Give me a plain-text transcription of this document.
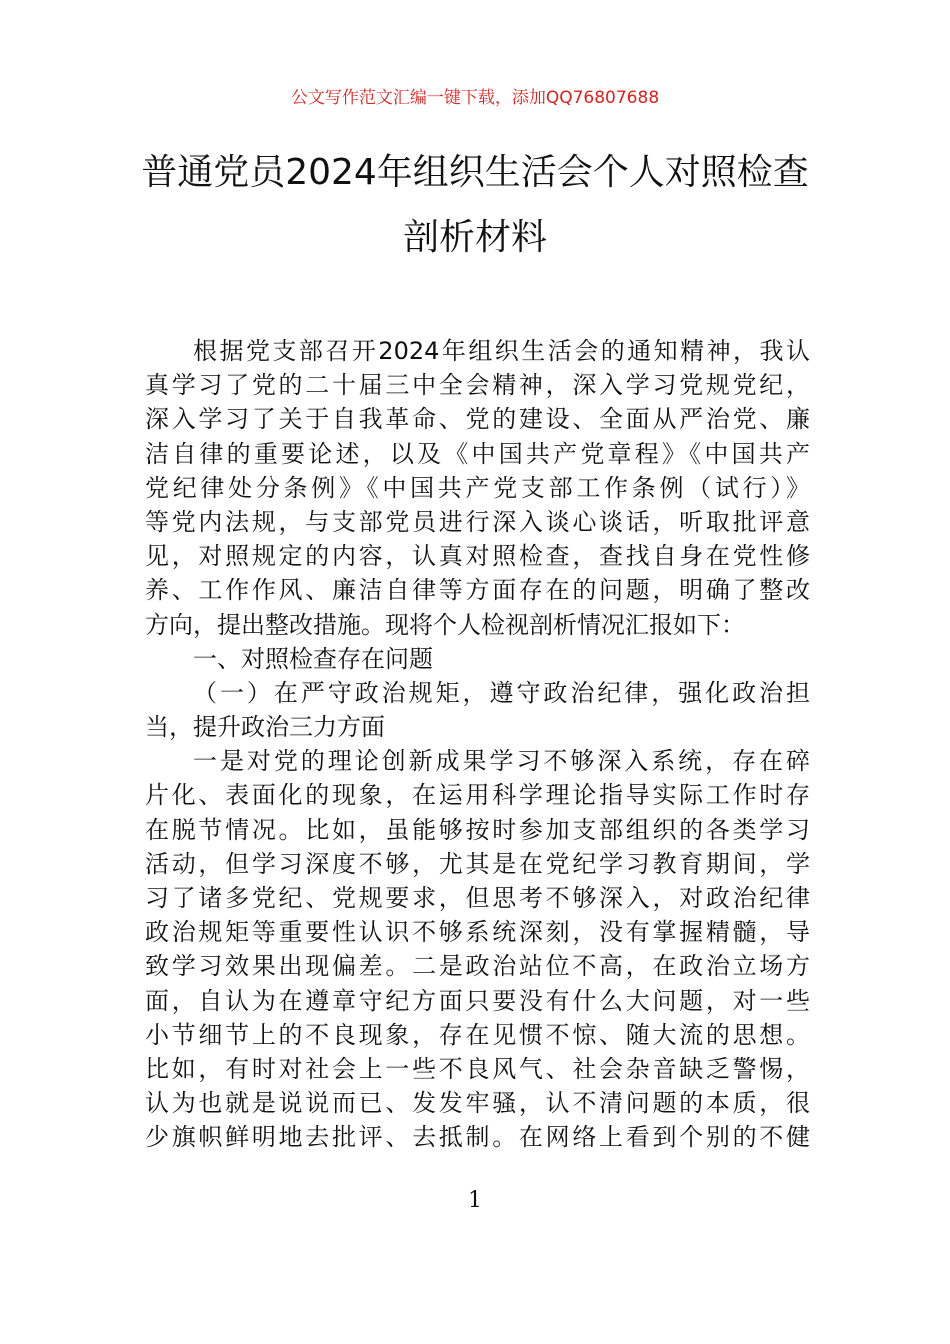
公文写作范文汇编一键下载，添加QQ76807688
普通党员2024年组织生活会个人对照检查
剖析材料
根据党支部召开2024年组织生活会的通知精神，我认
真学习了党的二十届三中全会精神，深入学习党规党纪，
深入学习了关于自我革命、党的建设、全面从严治党、廉
洁自律的重要论述，以及《中国共产党章程》《中国共产
党纪律处分条例》《中国共产党支部工作条例（试行）》
等党内法规，与支部党员进行深入谈心谈话，听取批评意
见，对照规定的内容，认真对照检查，查找自身在党性修
养、工作作风、廉洁自律等方面存在的问题，明确了整改
方向，提出整改措施。现将个人检视剖析情况汇报如下：
一、对照检查存在问题
（一）在严守政治规矩，遵守政治纪律，强化政治担
当，提升政治三力方面
一是对党的理论创新成果学习不够深入系统，存在碎
片化、表面化的现象，在运用科学理论指导实际工作时存
在脱节情况。比如，虽能够按时参加支部组织的各类学习
活动，但学习深度不够，尤其是在党纪学习教育期间，学
习了诸多党纪、党规要求，但思考不够深入，对政治纪律
政治规矩等重要性认识不够系统深刻，没有掌握精髓，导
致学习效果出现偏差。二是政治站位不高，在政治立场方
面，自认为在遵章守纪方面只要没有什么大问题，对一些
小节细节上的不良现象，存在见惯不惊、随大流的思想。
比如，有时对社会上一些不良风气、社会杂音缺乏警惕，
认为也就是说说而已、发发牢骚，认不清问题的本质，很
少旗帜鲜明地去批评、去抵制。在网络上看到个别的不健
1
